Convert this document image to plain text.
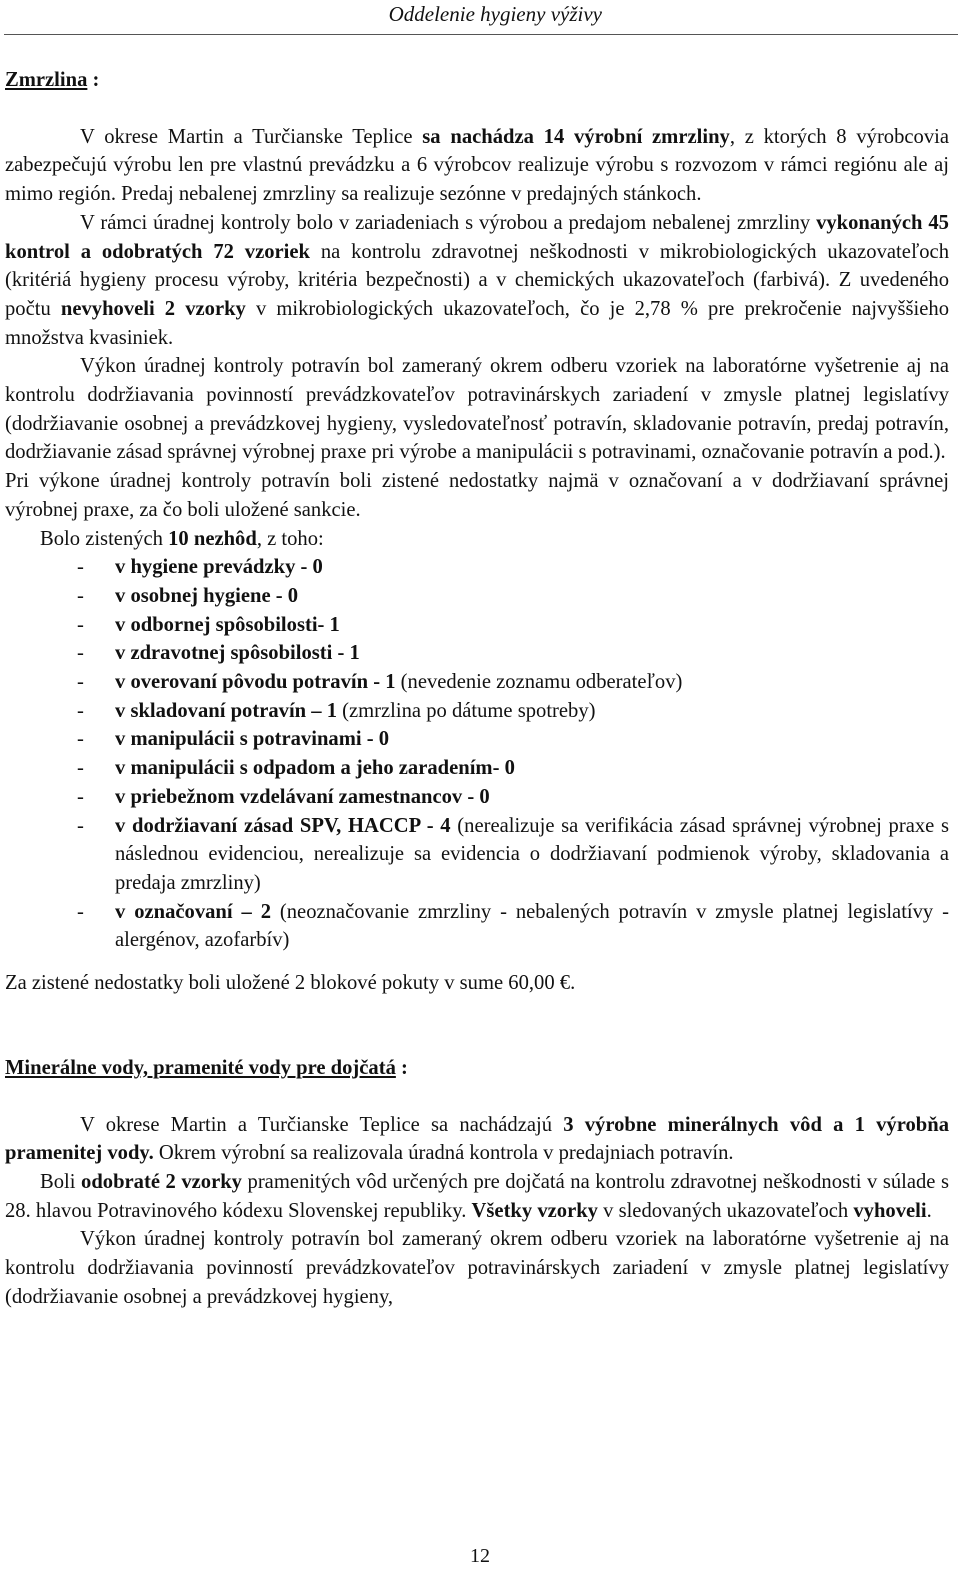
Oddelenie hygieny výživy

Zmrzlina :

V okrese Martin a Turčianske Teplice sa nachádza 14 výrobní zmrzliny, z ktorých 8 výrobcovia zabezpečujú výrobu len pre vlastnú prevádzku a 6 výrobcov realizuje výrobu s rozvozom v rámci regiónu ale aj mimo región. Predaj nebalenej zmrzliny sa realizuje sezónne v predajných stánkoch.

V rámci úradnej kontroly bolo v zariadeniach s výrobou a predajom nebalenej zmrzliny vykonaných 45 kontrol a odobratých 72 vzoriek na kontrolu zdravotnej neškodnosti v mikrobiologických ukazovateľoch (kritériá hygieny procesu výroby, kritéria bezpečnosti) a v chemických ukazovateľoch (farbivá). Z uvedeného počtu nevyhoveli 2 vzorky v mikrobiologických ukazovateľoch, čo je 2,78 % pre prekročenie najvyššieho množstva kvasiniek.

Výkon úradnej kontroly potravín bol zameraný okrem odberu vzoriek na laboratórne vyšetrenie aj na kontrolu dodržiavania povinností prevádzkovateľov potravinárskych zariadení v zmysle platnej legislatívy (dodržiavanie osobnej a prevádzkovej hygieny, vysledovateľnosť potravín, skladovanie potravín, predaj potravín, dodržiavanie zásad správnej výrobnej praxe pri výrobe a manipulácii s potravinami, označovanie potravín a pod.).

Pri výkone úradnej kontroly potravín boli zistené nedostatky najmä v označovaní a v dodržiavaní správnej výrobnej praxe, za čo boli uložené sankcie.

Bolo zistených 10 nezhôd, z toho:

- v hygiene prevádzky - 0
- v osobnej hygiene - 0
- v odbornej spôsobilosti- 1
- v zdravotnej spôsobilosti - 1
- v overovaní pôvodu potravín - 1 (nevedenie zoznamu odberateľov)
- v skladovaní potravín – 1 (zmrzlina po dátume spotreby)
- v manipulácii s potravinami - 0
- v manipulácii s odpadom a jeho zaradením- 0
- v priebežnom vzdelávaní zamestnancov - 0
- v dodržiavaní zásad SPV, HACCP - 4 (nerealizuje sa verifikácia zásad správnej výrobnej praxe s následnou evidenciou, nerealizuje sa evidencia o dodržiavaní podmienok výroby, skladovania a predaja zmrzliny)
- v označovaní – 2 (neoznačovanie zmrzliny - nebalených potravín v zmysle platnej legislatívy - alergénov, azofarbív)

Za zistené nedostatky boli uložené 2 blokové pokuty v sume 60,00 €.

Minerálne vody, pramenité vody pre dojčatá :

V okrese Martin a Turčianske Teplice sa nachádzajú 3 výrobne minerálnych vôd a 1 výrobňa pramenitej vody. Okrem výrobní sa realizovala úradná kontrola v predajniach potravín.

Boli odobraté 2 vzorky pramenitých vôd určených pre dojčatá na kontrolu zdravotnej neškodnosti v súlade s 28. hlavou Potravinového kódexu Slovenskej republiky. Všetky vzorky v sledovaných ukazovateľoch vyhoveli.

Výkon úradnej kontroly potravín bol zameraný okrem odberu vzoriek na laboratórne vyšetrenie aj na kontrolu dodržiavania povinností prevádzkovateľov potravinárskych zariadení v zmysle platnej legislatívy (dodržiavanie osobnej a prevádzkovej hygieny,

12
